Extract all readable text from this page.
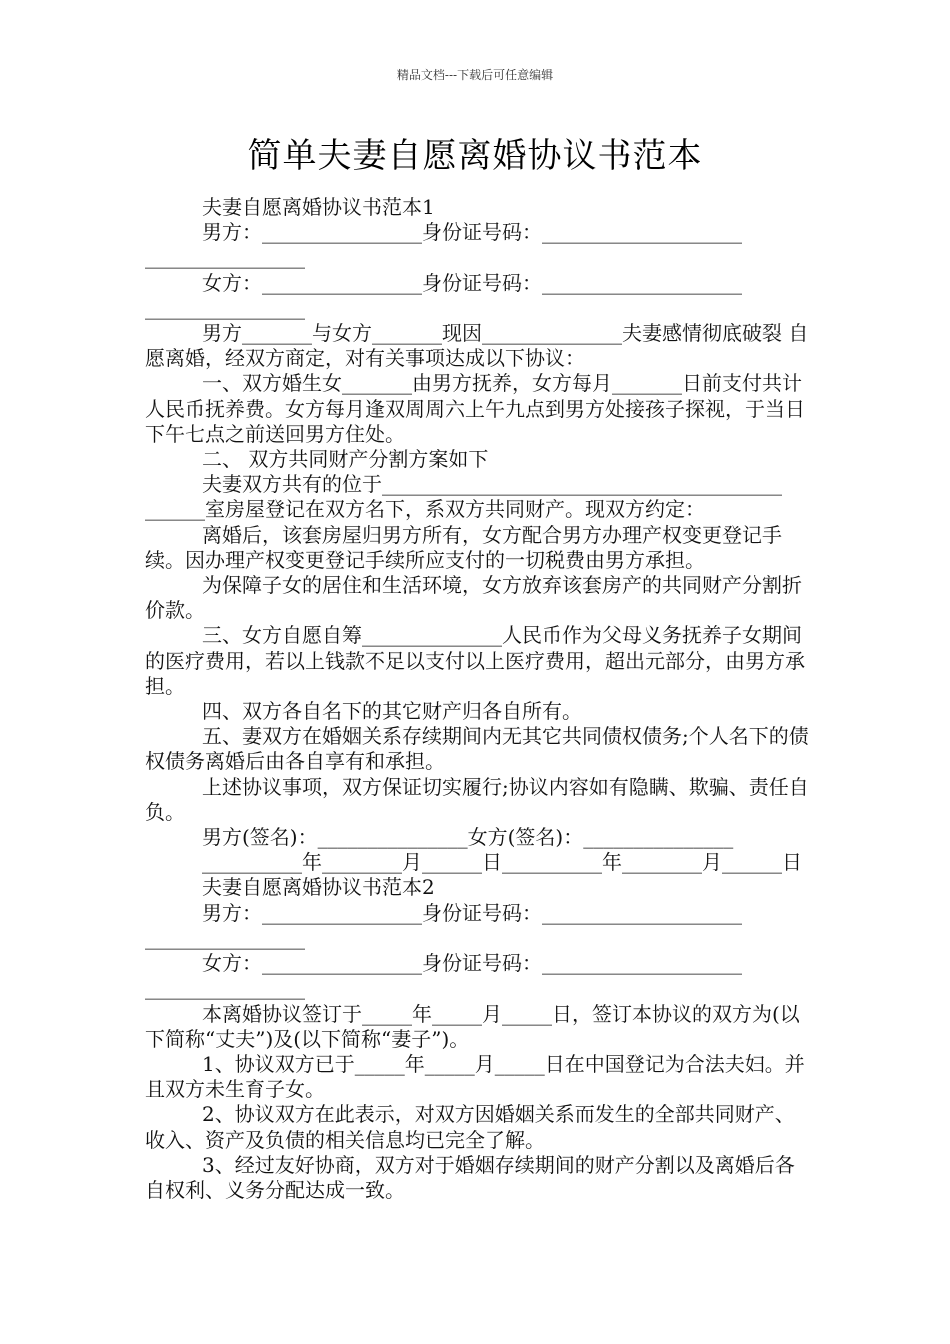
精品文档---下载后可任意编辑
简单夫妻自愿离婚协议书范本

夫妻自愿离婚协议书范本1

男方：________________身份证号码：____________________

________________

女方：________________身份证号码：____________________

________________

男方_______与女方_______现因______________夫妻感情彻底破裂 自愿离婚，经双方商定，对有关事项达成以下协议：

一、双方婚生女_______由男方抚养，女方每月_______日前支付共计人民币抚养费。女方每月逢双周周六上午九点到男方处接孩子探视，于当日下午七点之前送回男方住处。

二、 双方共同财产分割方案如下

夫妻双方共有的位于________________________________________

______室房屋登记在双方名下，系双方共同财产。现双方约定：

离婚后，该套房屋归男方所有，女方配合男方办理产权变更登记手续。因办理产权变更登记手续所应支付的一切税费由男方承担。

为保障子女的居住和生活环境，女方放弃该套房产的共同财产分割折价款。

三、女方自愿自筹______________人民币作为父母义务抚养子女期间的医疗费用，若以上钱款不足以支付以上医疗费用，超出元部分，由男方承担。

四、双方各自名下的其它财产归各自所有。

五、妻双方在婚姻关系存续期间内无其它共同债权债务;个人名下的债权债务离婚后由各自享有和承担。

上述协议事项，双方保证切实履行;协议内容如有隐瞒、欺骗、责任自负。

男方(签名)：_______________女方(签名)：_______________

__________年________月______日__________年________月______日

夫妻自愿离婚协议书范本2

男方：________________身份证号码：____________________

________________

女方：________________身份证号码：____________________

________________

本离婚协议签订于_____年_____月_____日，签订本协议的双方为(以下简称“丈夫”)及(以下简称“妻子”)。

1、协议双方已于_____年_____月_____日在中国登记为合法夫妇。并且双方未生育子女。

2、协议双方在此表示，对双方因婚姻关系而发生的全部共同财产、收入、资产及负债的相关信息均已完全了解。

3、经过友好协商，双方对于婚姻存续期间的财产分割以及离婚后各自权利、义务分配达成一致。
